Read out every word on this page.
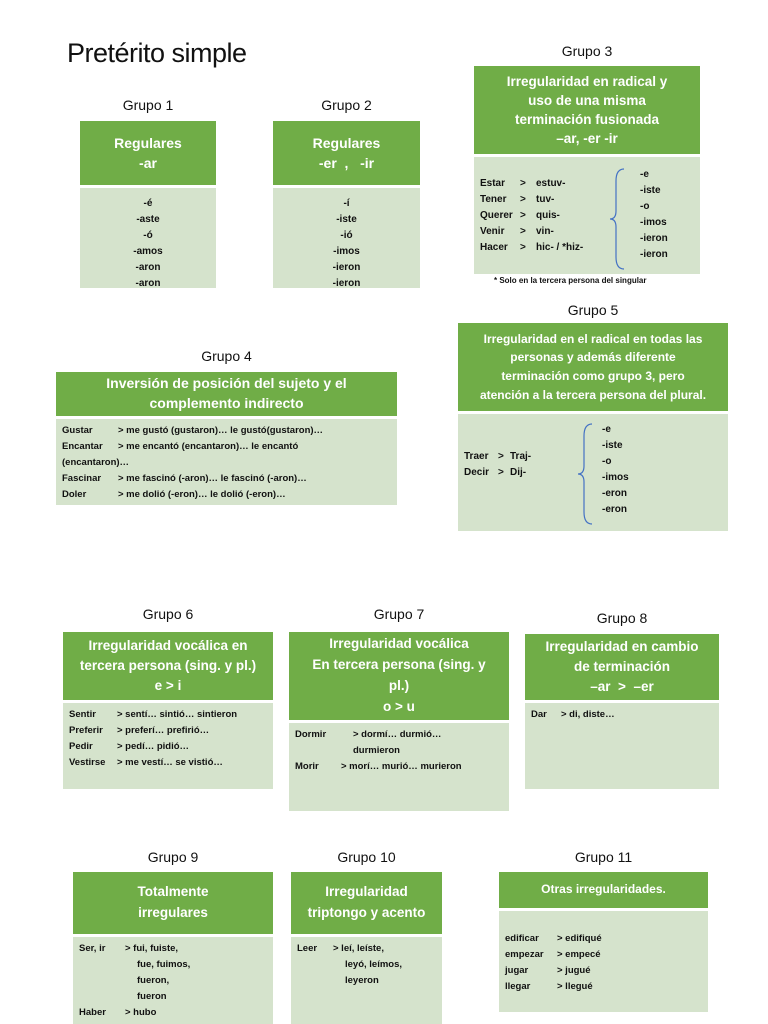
Pretérito simple
Grupo 1
Regulares
-ar
-é
-aste
-ó
-amos
-aron
-aron
Grupo 2
Regulares
-er  ,   -ir
-í
-iste
-ió
-imos
-ieron
-ieron
Grupo 3
Irregularidad en radical y
uso de una misma
terminación fusionada
–ar, -er -ir
Estar	>	estuv-
Tener	>	tuv-
Querer >	quis-
Venir	>	vin-
Hacer	>	hic- / *hiz-
-e
-iste
-o
-imos
-ieron
-ieron
* Solo en la tercera persona del singular
Grupo 5
Irregularidad en el radical en todas las
personas y además diferente
terminación como grupo 3, pero
atención a la tercera persona del plural.
Traer > Traj-
Decir > Dij-
-e
-iste
-o
-imos
-eron
-eron
Grupo 4
Inversión de posición del sujeto y el
complemento indirecto
Gustar	> me gustó (gustaron)… le gustó(gustaron)…
Encantar	> me encantó (encantaron)… le encantó
(encantaron)…
Fascinar	> me fascinó (-aron)… le fascinó (-aron)…
Doler	> me dolió (-eron)… le dolió (-eron)…
Grupo 6
Irregularidad vocálica en
tercera persona (sing. y pl.)
e > i
Sentir	> sentí… sintió… sintieron
Preferir	> preferí… prefirió…
Pedir	> pedí… pidió…
Vestirse	> me vestí… se vistió…
Grupo 7
Irregularidad vocálica
En tercera persona (sing. y
pl.)
o > u
Dormir	> dormí… durmió…
durmieron
Morir	> morí… murió… murieron
Grupo 8
Irregularidad en cambio
de terminación
–ar  >  –er
Dar	> di, diste…
Grupo 9
Totalmente
irregulares
Ser, ir	> fui, fuiste,
fue, fuimos,
fueron,
fueron
Haber	> hubo
Grupo 10
Irregularidad
triptongo y acento
Leer	> leí, leíste,
leyó, leímos,
leyeron
Grupo 11
Otras irregularidades.
edificar	> edifiqué
empezar	> empecé
jugar	> jugué
llegar	> llegué
